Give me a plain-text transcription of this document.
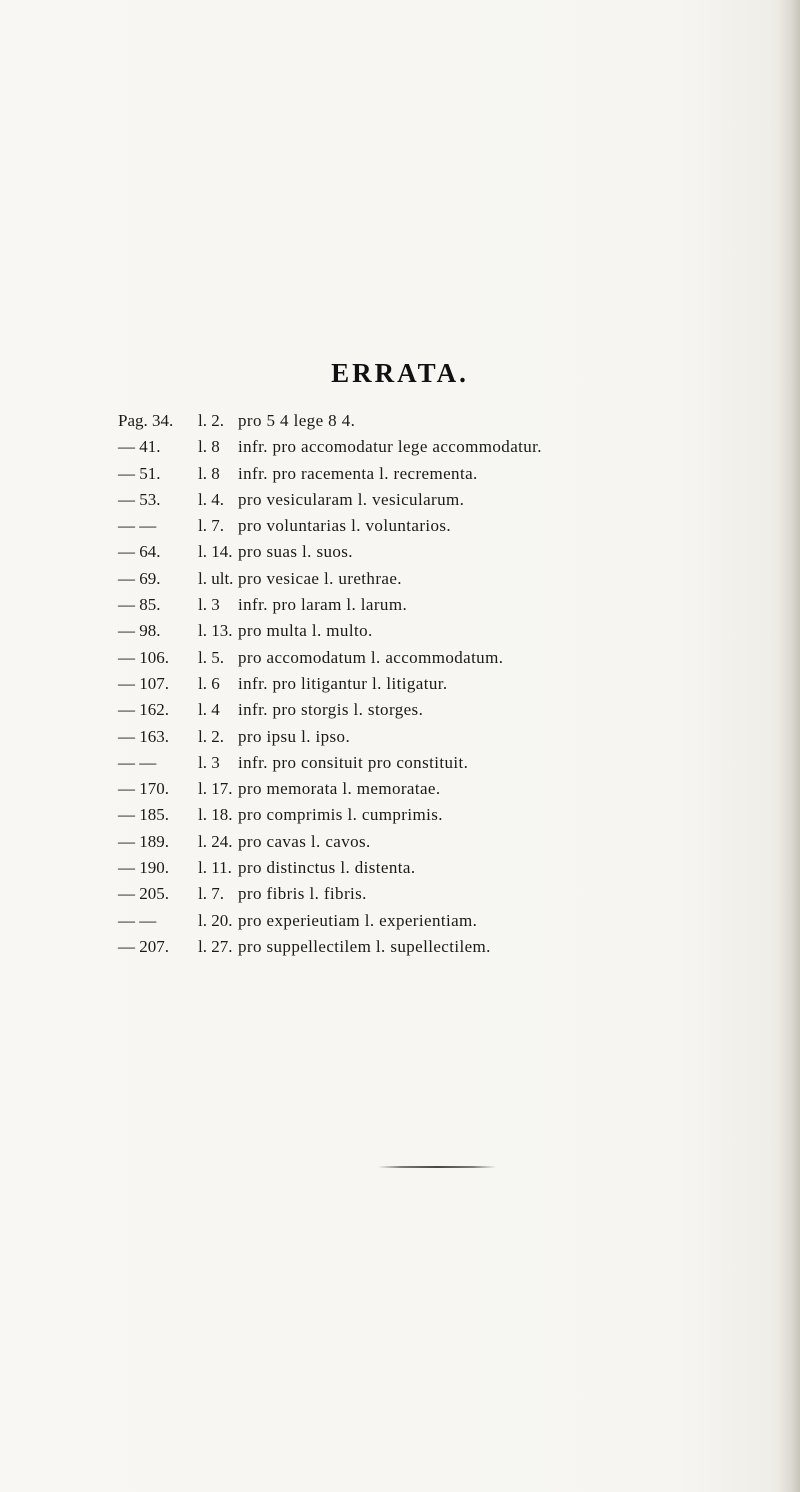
ERRATA.
Pag. 34.	l. 2. pro 5 4 lege 8 4.
— 41.	l. 8	infr. pro accomodatur lege accommodatur.
— 51.	l. 8	infr. pro racementa l. recrementa.
— 53.	l. 4. pro vesicularam l. vesicularum.
— —	l. 7. pro voluntarias l. voluntarios.
— 64.	l. 14. pro suas l. suos.
— 69.	l. ult. pro vesicae l. urethrae.
— 85.	l. 3	infr. pro laram l. larum.
— 98.	l. 13. pro multa l. multo.
— 106.	l. 5. pro accomodatum l. accommodatum.
— 107.	l. 6	infr. pro litigantur l. litigatur.
— 162.	l. 4	infr. pro storgis l. storges.
— 163.	l. 2. pro ipsu l. ipso.
— —	l. 3	infr. pro consituit pro constituit.
— 170.	l. 17. pro memorata l. memoratae.
— 185.	l. 18. pro comprimis l. cumprimis.
— 189.	l. 24. pro cavas l. cavos.
— 190.	l. 11. pro distinctus l. distenta.
— 205.	l. 7. pro fibris l. fibris.
— —	l. 20. pro experieutiam l. experientiam.
— 207.	l. 27. pro suppellectilem l. supellectilem.
